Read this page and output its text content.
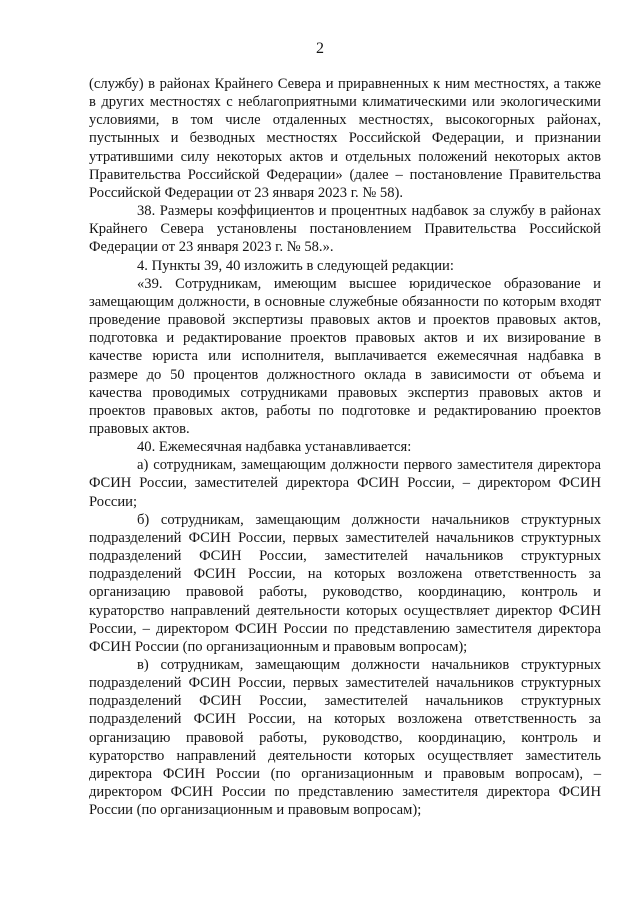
2

(службу) в районах Крайнего Севера и приравненных к ним местностях, а также в других местностях с неблагоприятными климатическими или экологическими условиями, в том числе отдаленных местностях, высокогорных районах, пустынных и безводных местностях Российской Федерации, и признании утратившими силу некоторых актов и отдельных положений некоторых актов Правительства Российской Федерации» (далее – постановление Правительства Российской Федерации от 23 января 2023 г. № 58).

38. Размеры коэффициентов и процентных надбавок за службу в районах Крайнего Севера установлены постановлением Правительства Российской Федерации от 23 января 2023 г. № 58.».

4. Пункты 39, 40 изложить в следующей редакции:

«39. Сотрудникам, имеющим высшее юридическое образование и замещающим должности, в основные служебные обязанности по которым входят проведение правовой экспертизы правовых актов и проектов правовых актов, подготовка и редактирование проектов правовых актов и их визирование в качестве юриста или исполнителя, выплачивается ежемесячная надбавка в размере до 50 процентов должностного оклада в зависимости от объема и качества проводимых сотрудниками правовых экспертиз правовых актов и проектов правовых актов, работы по подготовке и редактированию проектов правовых актов.

40. Ежемесячная надбавка устанавливается:

а) сотрудникам, замещающим должности первого заместителя директора ФСИН России, заместителей директора ФСИН России, – директором ФСИН России;

б) сотрудникам, замещающим должности начальников структурных подразделений ФСИН России, первых заместителей начальников структурных подразделений ФСИН России, заместителей начальников структурных подразделений ФСИН России, на которых возложена ответственность за организацию правовой работы, руководство, координацию, контроль и кураторство направлений деятельности которых осуществляет директор ФСИН России, – директором ФСИН России по представлению заместителя директора ФСИН России (по организационным и правовым вопросам);

в) сотрудникам, замещающим должности начальников структурных подразделений ФСИН России, первых заместителей начальников структурных подразделений ФСИН России, заместителей начальников структурных подразделений ФСИН России, на которых возложена ответственность за организацию правовой работы, руководство, координацию, контроль и кураторство направлений деятельности которых осуществляет заместитель директора ФСИН России (по организационным и правовым вопросам), – директором ФСИН России по представлению заместителя директора ФСИН России (по организационным и правовым вопросам);
